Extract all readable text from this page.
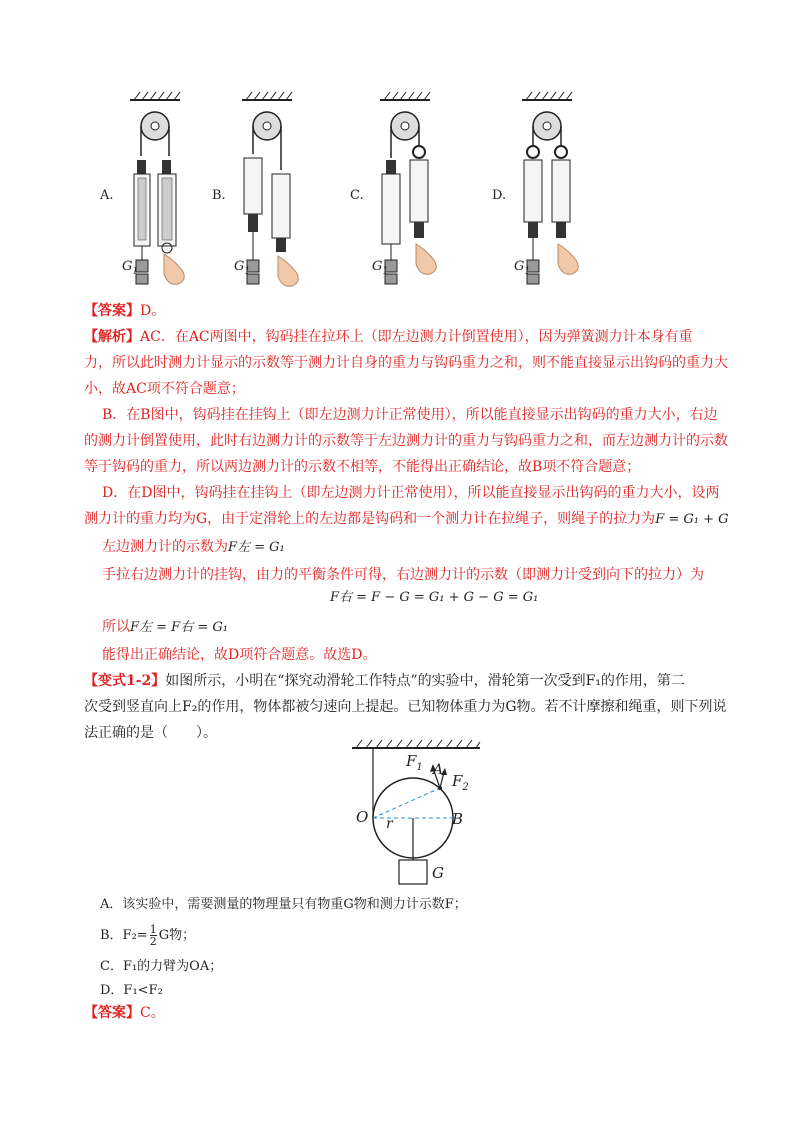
A.
$G_1$
B.
$G_1$
C.
$G_1$
D.
$G_1$
【答案】D。
【解析】AC．在AC两图中，钩码挂在拉环上（即左边测力计倒置使用），因为弹簧测力计本身有重
力，所以此时测力计显示的示数等于测力计自身的重力与钩码重力之和，则不能直接显示出钩码的重力大
小，故AC项不符合题意；
B．在B图中，钩码挂在挂钩上（即左边测力计正常使用），所以能直接显示出钩码的重力大小，右边
的测力计倒置使用，此时右边测力计的示数等于左边测力计的重力与钩码重力之和，而左边测力计的示数
等于钩码的重力，所以两边测力计的示数不相等，不能得出正确结论，故B项不符合题意；
D．在D图中，钩码挂在挂钩上（即左边测力计正常使用），所以能直接显示出钩码的重力大小，设两
测力计的重力均为G，由于定滑轮上的左边都是钩码和一个测力计在拉绳子，则绳子的拉力为F = G₁ + G
左边测力计的示数为F左 = G₁
手拉右边测力计的挂钩，由力的平衡条件可得，右边测力计的示数（即测力计受到向下的拉力）为
F右 = F − G = G₁ + G − G = G₁
所以F左 = F右 = G₁
能得出正确结论，故D项符合题意。故选D。
【变式1-2】如图所示，小明在“探究动滑轮工作特点”的实验中，滑轮第一次受到F₁的作用，第二
次受到竖直向上F₂的作用，物体都被匀速向上提起。已知物体重力为G物。若不计摩擦和绳重，则下列说
法正确的是（　　）。
$F_1$ A
$F_2$
O r	B
G
A．该实验中，需要测量的物理量只有物重G物和测力计示数F；
B．$F_2= \frac{1}{2}$ G物；
C．F₁的力臂为OA；
D．F₁<F₂
【答案】C。
